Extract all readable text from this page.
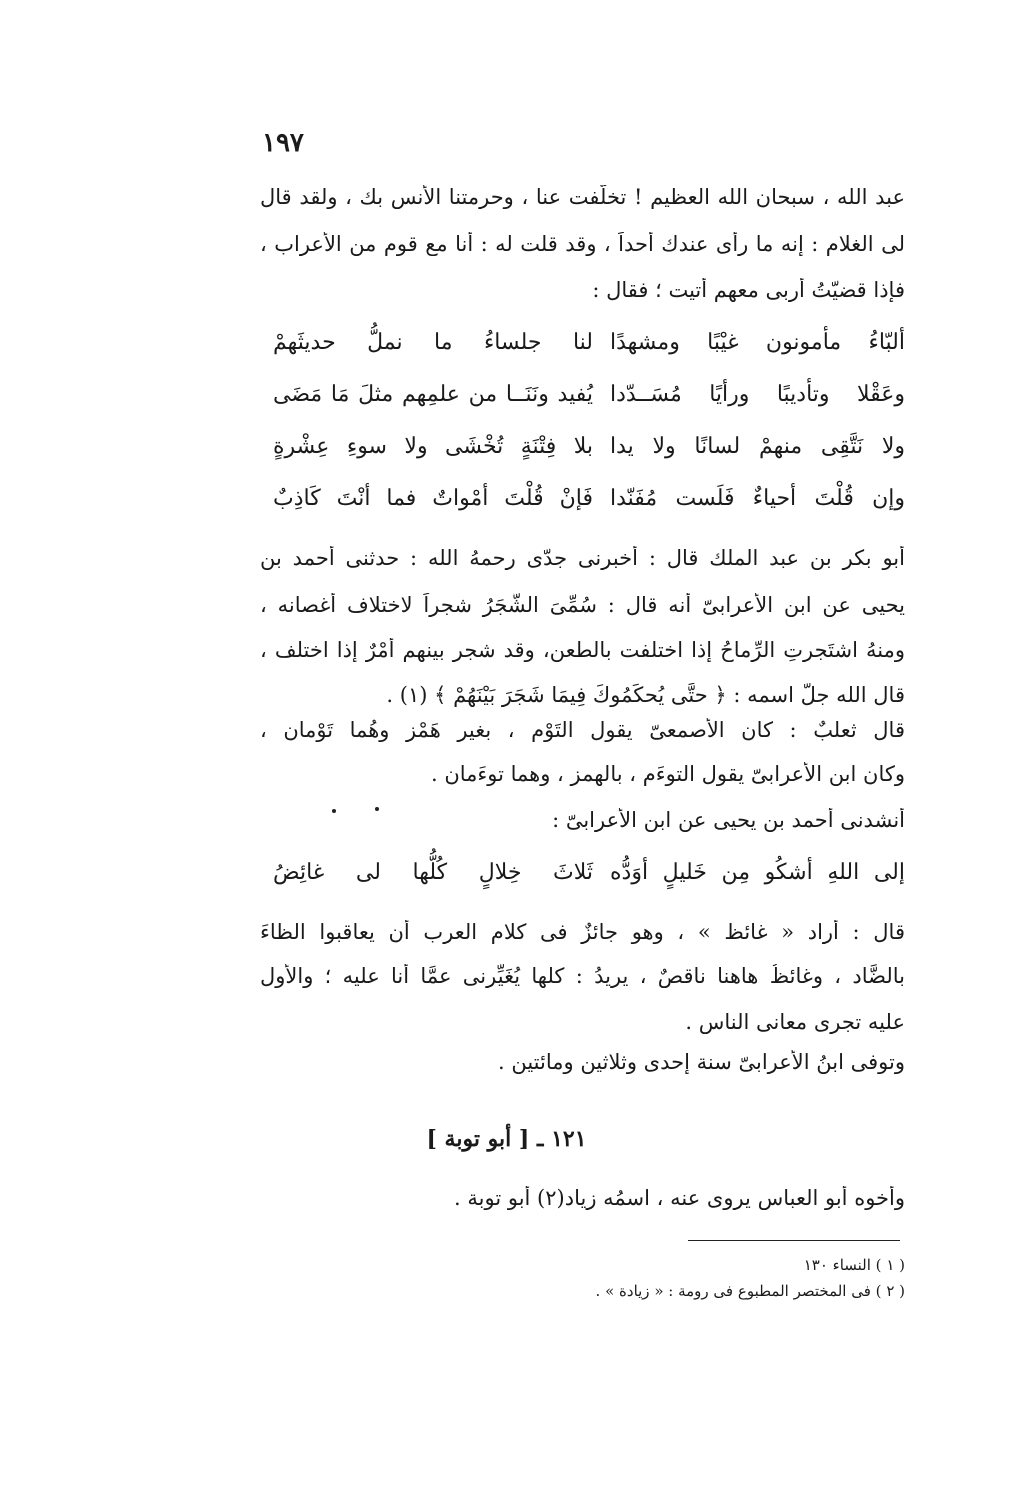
١٩٧
عبد الله ، سبحان الله العظيم ! تخلّفت عنا ، وحرمتنا الأنس بك ، ولقد قال
لى الغلام : إنه ما رأى عندك أحداً ، وقد قلت له : أنا مع قوم من الأعراب ،
فإذا قضيّتُ أربى معهم أتيت ؛ فقال :
ألبّاءُ مأمونون غيْبًا ومشهدًا
لنا جلساءُ ما نملُّ حديثَهمْ
وعَقْلا وتأديبًا ورأيًا مُسَــدّدا
يُفيد ونَنَــا من علمِهم مثلَ مَا مَضَى
ولا نَتَّقِى منهمْ لسانًا ولا يدا
بلا فِتْنَةٍ تُخْشَى ولا سوءِ عِشْرةٍ
وإن قُلْتَ أحياءٌ فَلَست مُفَنّدا
فَإنْ قُلْتَ أمْواتٌ فما أنْتَ كَاذِبٌ
أبو بكر بن عبد الملك قال : أخبرنى جدّى رحمهُ الله : حدثنى أحمد بن
يحيى عن ابن الأعرابىّ أنه قال : سُمِّىَ الشَّجَرُ شجراً لاختلاف أغصانه ،
ومنهُ اشتَجرتِ الرِّماحُ إذا اختلفت بالطعن، وقد شجر بينهم أمْرٌ إذا اختلف ،
قال الله جلّ اسمه : ﴿ حتَّى يُحكِّمُوكَ فِيمَا شَجَرَ بَيْنَهُمْ ﴾ (١) .
قال ثعلبٌ : كان الأصمعىّ يقول التَوْم ، بغير هَمْز وهُما تَوْمان ،
وكان ابن الأعرابىّ يقول التوءَم ، بالهمز ، وهما توءَمان .
أنشدنى أحمد بن يحيى عن ابن الأعرابىّ :
إلى اللهِ أشكُو مِن خَليلٍ أوَدُّه
ثَلاثَ خِلالٍ كُلُّها لى غائِضُ
قال : أراد « غائظ » ، وهو جائزٌ فى كلام العرب أن يعاقبوا الظاءَ
بالضَّاد ، وغائظُ هاهنا ناقصٌ ، يريدُ : كلها يُغَيِّرنى عمَّا أنا عليه ؛ والأول
عليه تجرى معانى الناس .
وتوفى ابنُ الأعرابىّ سنة إحدى وثلاثين ومائتين .
١٢١ ـ [ أبو توبة ]
وأخوه أبو العباس يروى عنه ، اسمُه زياد(٢) أبو توبة .
( ١ ) النساء ١٣٠
( ٢ ) فى المختصر المطبوع فى رومة : « زيادة » .
